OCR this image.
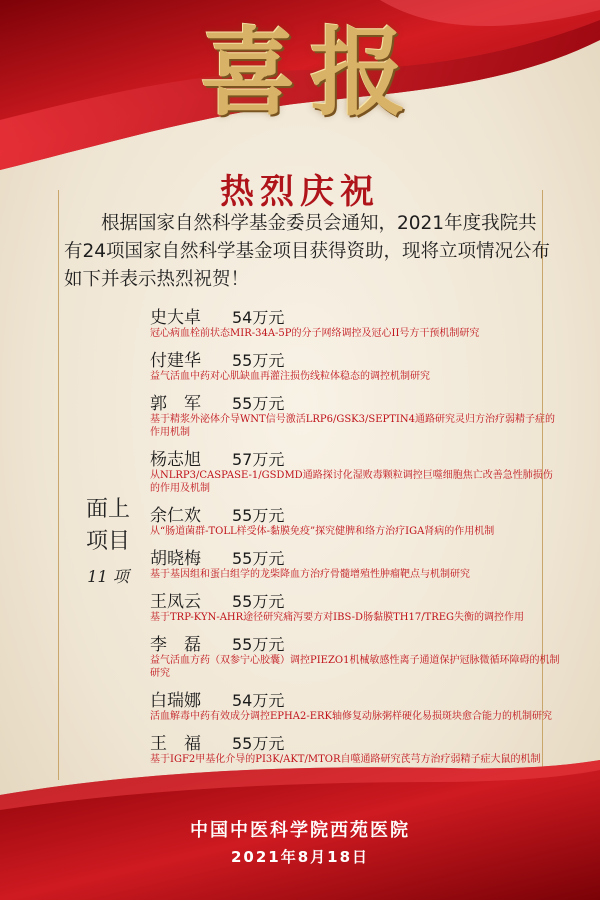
喜报
热烈庆祝
根据国家自然科学基金委员会通知，2021年度我院共有24项国家自然科学基金项目获得资助，现将立项情况公布如下并表示热烈祝贺！
面上项目
11 项
史大卓	54万元
冠心病血栓前状态MIR-34A-5P的分子网络调控及冠心II号方干预机制研究
付建华	55万元
益气活血中药对心肌缺血再灌注损伤线粒体稳态的调控机制研究
郭　军	55万元
基于精浆外泌体介导WNT信号激活LRP6/GSK3/SEPTIN4通路研究灵归方治疗弱精子症的作用机制
杨志旭	57万元
从NLRP3/CASPASE-1/GSDMD通路探讨化湿败毒颗粒调控巨噬细胞焦亡改善急性肺损伤的作用及机制
余仁欢	55万元
从“肠道菌群-TOLL样受体-黏膜免疫”探究健脾和络方治疗IGA肾病的作用机制
胡晓梅	55万元
基于基因组和蛋白组学的龙柴降血方治疗骨髓增殖性肿瘤靶点与机制研究
王凤云	55万元
基于TRP-KYN-AHR途径研究痛泻要方对IBS-D肠黏膜TH17/TREG失衡的调控作用
李　磊	55万元
益气活血方药（双参宁心胶囊）调控PIEZO1机械敏感性离子通道保护冠脉微循环障碍的机制研究
白瑞娜	54万元
活血解毒中药有效成分调控EPHA2-ERK轴修复动脉粥样硬化易损斑块愈合能力的机制研究
王　福	55万元
基于IGF2甲基化介导的PI3K/AKT/MTOR自噬通路研究芪芎方治疗弱精子症大鼠的机制
中国中医科学院西苑医院
2021年8月18日
